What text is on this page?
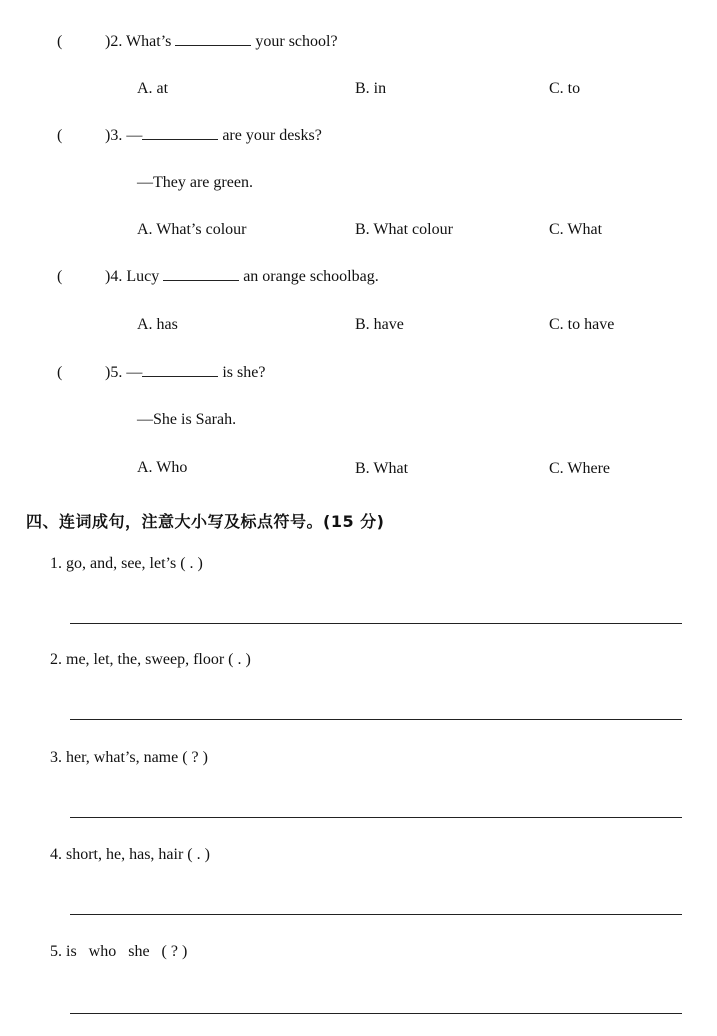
(	)2. What’s	your school?
A. at	B. in	C. to
(	)3. —	are your desks?
—They are green.
A. What’s colour	B. What colour	C. What
(	)4. Lucy	an orange schoolbag.
A. has	B. have	C. to have
(	)5. —	is she?
—She is Sarah.
A. Who	B. What	C. Where
四、连词成句，注意大小写及标点符号。(15 分)
1. go, and, see, let’s ( . )
2. me, let, the, sweep, floor ( . )
3. her, what’s, name ( ? )
4. short, he, has, hair ( . )
5. is   who   she   ( ? )
